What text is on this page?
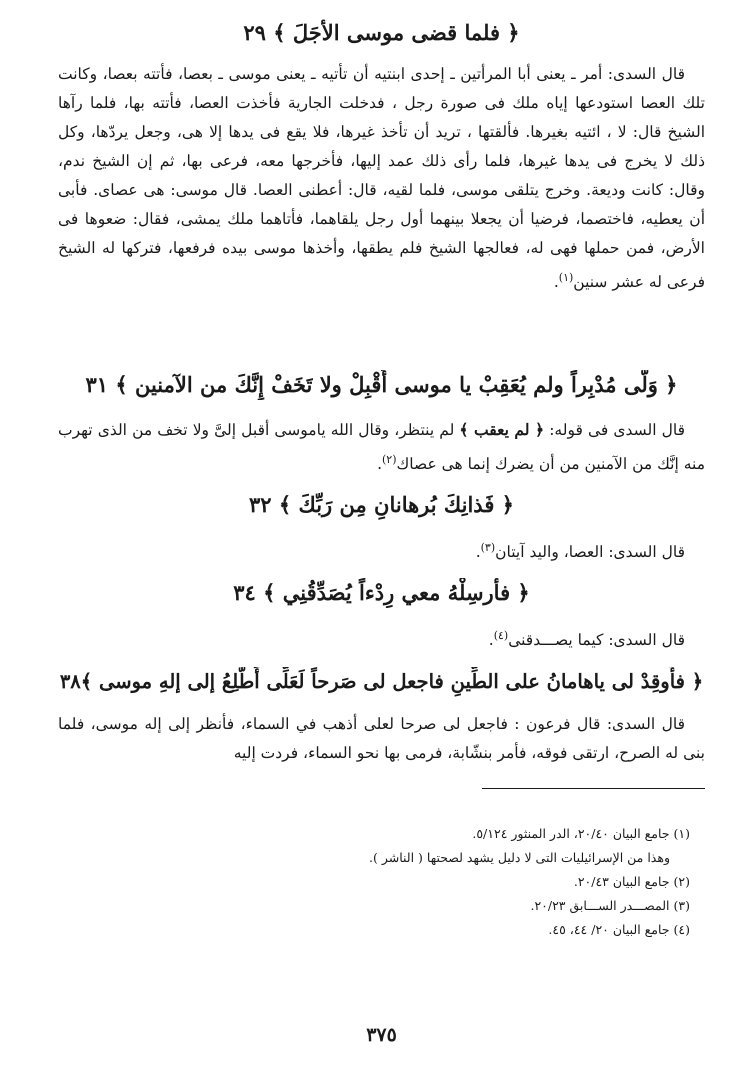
﴿ فلما قضى موسى الأجَلَ ﴾ ٢٩

قال السدى: أمر ـ يعنى أبا المرأتين ـ إحدى ابنتيه أن تأتيه ـ يعنى موسى ـ بعصا، فأتته بعصا، وكانت تلك العصا استودعها إياه ملك فى صورة رجل ، فدخلت الجارية فأخذت العصا، فأتته بها، فلما رآها الشيخ قال: لا ، ائتيه بغيرها. فألقتها ، تريد أن تأخذ غيرها، فلا يقع فى يدها إلا هى، وجعل يردّها، وكل ذلك لا يخرج فى يدها غيرها، فلما رأى ذلك عمد إليها، فأخرجها معه، فرعى بها، ثم إن الشيخ ندم، وقال: كانت وديعة. وخرج يتلقى موسى، فلما لقيه، قال: أعطنى العصا. قال موسى: هى عصاى. فأبى أن يعطيه، فاختصما، فرضيا أن يجعلا بينهما أول رجل يلقاهما، فأتاهما ملك يمشى، فقال: ضعوها فى الأرض، فمن حملها فهى له، فعالجها الشيخ فلم يطقها، وأخذها موسى بيده فرفعها، فتركها له الشيخ فرعى له عشر سنين$^{(١)}$.

﴿ وَلّى مُدْبِراً ولم يُعَقِبْ يا موسى أَقْبِلْ ولا تَخَفْ إِنَّكَ من الآمنين ﴾ ٣١

قال السدى فى قوله: ﴿ لم يعقب ﴾ لم ينتظر، وقال الله ياموسى أقبل إلىَّ ولا تخف من الذى تهرب منه إنَّك من الآمنين من أن يضرك إنما هى عصاك$^{(٢)}$.

﴿ فَذانِكَ بُرهانانِ مِن رَبِّكَ ﴾ ٣٢

قال السدى: العصا، واليد آيتان$^{(٣)}$.

﴿ فأرسِلْهُ معي رِدْءاً يُصَدِّقُنِي ﴾ ٣٤

قال السدى: كيما يصـــدقنى$^{(٤)}$.

﴿ فأَوقِدْ لى ياهامانُ على الطِّينِ فاجعل لى صَرحاً لَعَلِّى أَطَّلِعُ إلى إلهِ موسى ﴾٣٨

قال السدى: قال فرعون : فاجعل لى صرحا لعلى أذهب في السماء، فأنظر إلى إله موسى، فلما بنى له الصرح، ارتقى فوقه، فأمر بنشّابة، فرمى بها نحو السماء، فردت إليه

(١) جامع البيان ٢٠/٤٠، الدر المنثور ٥/١٢٤.
وهذا من الإسرائيليات التى لا دليل يشهد لصحتها ( الناشر ).
(٢) جامع البيان ٢٠/٤٣.
(٣) المصـــدر الســـابق ٢٠/٢٣.
(٤) جامع البيان ٢٠/ ٤٤، ٤٥.
٣٧٥
